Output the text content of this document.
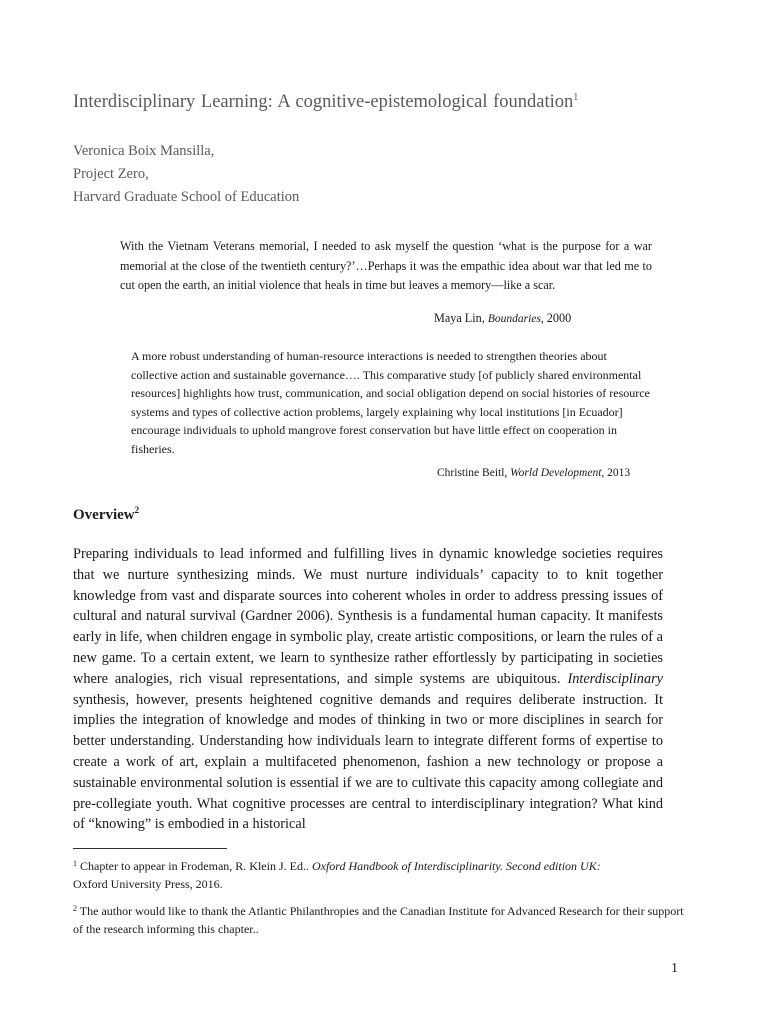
Interdisciplinary Learning: A cognitive-epistemological foundation$^1$
Veronica Boix Mansilla,
Project Zero,
Harvard Graduate School of Education
With the Vietnam Veterans memorial, I needed to ask myself the question ‘what is the purpose for a war memorial at the close of the twentieth century?’…Perhaps it was the empathic idea about war that led me to cut open the earth, an initial violence that heals in time but leaves a memory—like a scar.
Maya Lin, Boundaries, 2000
A more robust understanding of human-resource interactions is needed to strengthen theories about collective action and sustainable governance…. This comparative study [of publicly shared environmental resources] highlights how trust, communication, and social obligation depend on social histories of resource systems and types of collective action problems, largely explaining why local institutions [in Ecuador] encourage individuals to uphold mangrove forest conservation but have little effect on cooperation in fisheries.
Christine Beitl, World Development, 2013
Overview$^2$
Preparing individuals to lead informed and fulfilling lives in dynamic knowledge societies requires that we nurture synthesizing minds. We must nurture individuals’ capacity to to knit together knowledge from vast and disparate sources into coherent wholes in order to address pressing issues of cultural and natural survival (Gardner 2006). Synthesis is a fundamental human capacity. It manifests early in life, when children engage in symbolic play, create artistic compositions, or learn the rules of a new game. To a certain extent, we learn to synthesize rather effortlessly by participating in societies where analogies, rich visual representations, and simple systems are ubiquitous. Interdisciplinary synthesis, however, presents heightened cognitive demands and requires deliberate instruction. It implies the integration of knowledge and modes of thinking in two or more disciplines in search for better understanding. Understanding how individuals learn to integrate different forms of expertise to create a work of art, explain a multifaceted phenomenon, fashion a new technology or propose a sustainable environmental solution is essential if we are to cultivate this capacity among collegiate and pre-collegiate youth. What cognitive processes are central to interdisciplinary integration? What kind of “knowing” is embodied in a historical
$^1$ Chapter to appear in Frodeman, R. Klein J. Ed.. Oxford Handbook of Interdisciplinarity. Second edition UK:
Oxford University Press, 2016.
$^2$ The author would like to thank the Atlantic Philanthropies and the Canadian Institute for Advanced Research for their support of the research informing this chapter..
1
